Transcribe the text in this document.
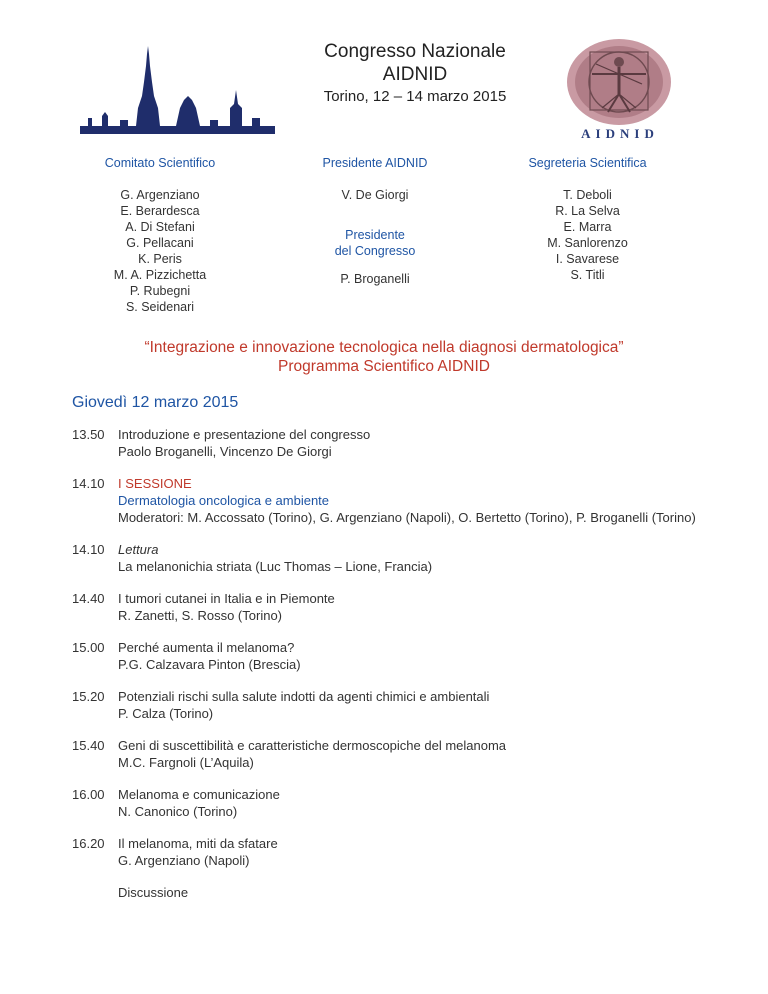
Congresso Nazionale
AIDNID
Torino, 12 – 14 marzo 2015
AIDNID
Comitato Scientifico
G. Argenziano
E. Berardesca
A. Di Stefani
G. Pellacani
K. Peris
M. A. Pizzichetta
P. Rubegni
S. Seidenari
Presidente AIDNID
V. De Giorgi
Presidente
del Congresso
P. Broganelli
Segreteria Scientifica
T. Deboli
R. La Selva
E. Marra
M. Sanlorenzo
I. Savarese
S. Titli
“Integrazione e innovazione tecnologica nella diagnosi dermatologica”
Programma Scientifico AIDNID
Giovedì 12 marzo 2015
13.50	Introduzione e presentazione del congresso
Paolo Broganelli, Vincenzo De Giorgi
14.10	I SESSIONE
Dermatologia oncologica e ambiente
Moderatori: M. Accossato (Torino), G. Argenziano (Napoli), O. Bertetto (Torino), P. Broganelli (Torino)
14.10	Lettura
La melanonichia striata (Luc Thomas – Lione, Francia)
14.40	I tumori cutanei in Italia e in Piemonte
R. Zanetti, S. Rosso (Torino)
15.00	Perché aumenta il melanoma?
P.G. Calzavara Pinton (Brescia)
15.20	Potenziali rischi sulla salute indotti da agenti chimici e ambientali
P. Calza (Torino)
15.40	Geni di suscettibilità e caratteristiche dermoscopiche del melanoma
M.C. Fargnoli (L’Aquila)
16.00	Melanoma e comunicazione
N. Canonico (Torino)
16.20	Il melanoma, miti da sfatare
G. Argenziano (Napoli)
Discussione
